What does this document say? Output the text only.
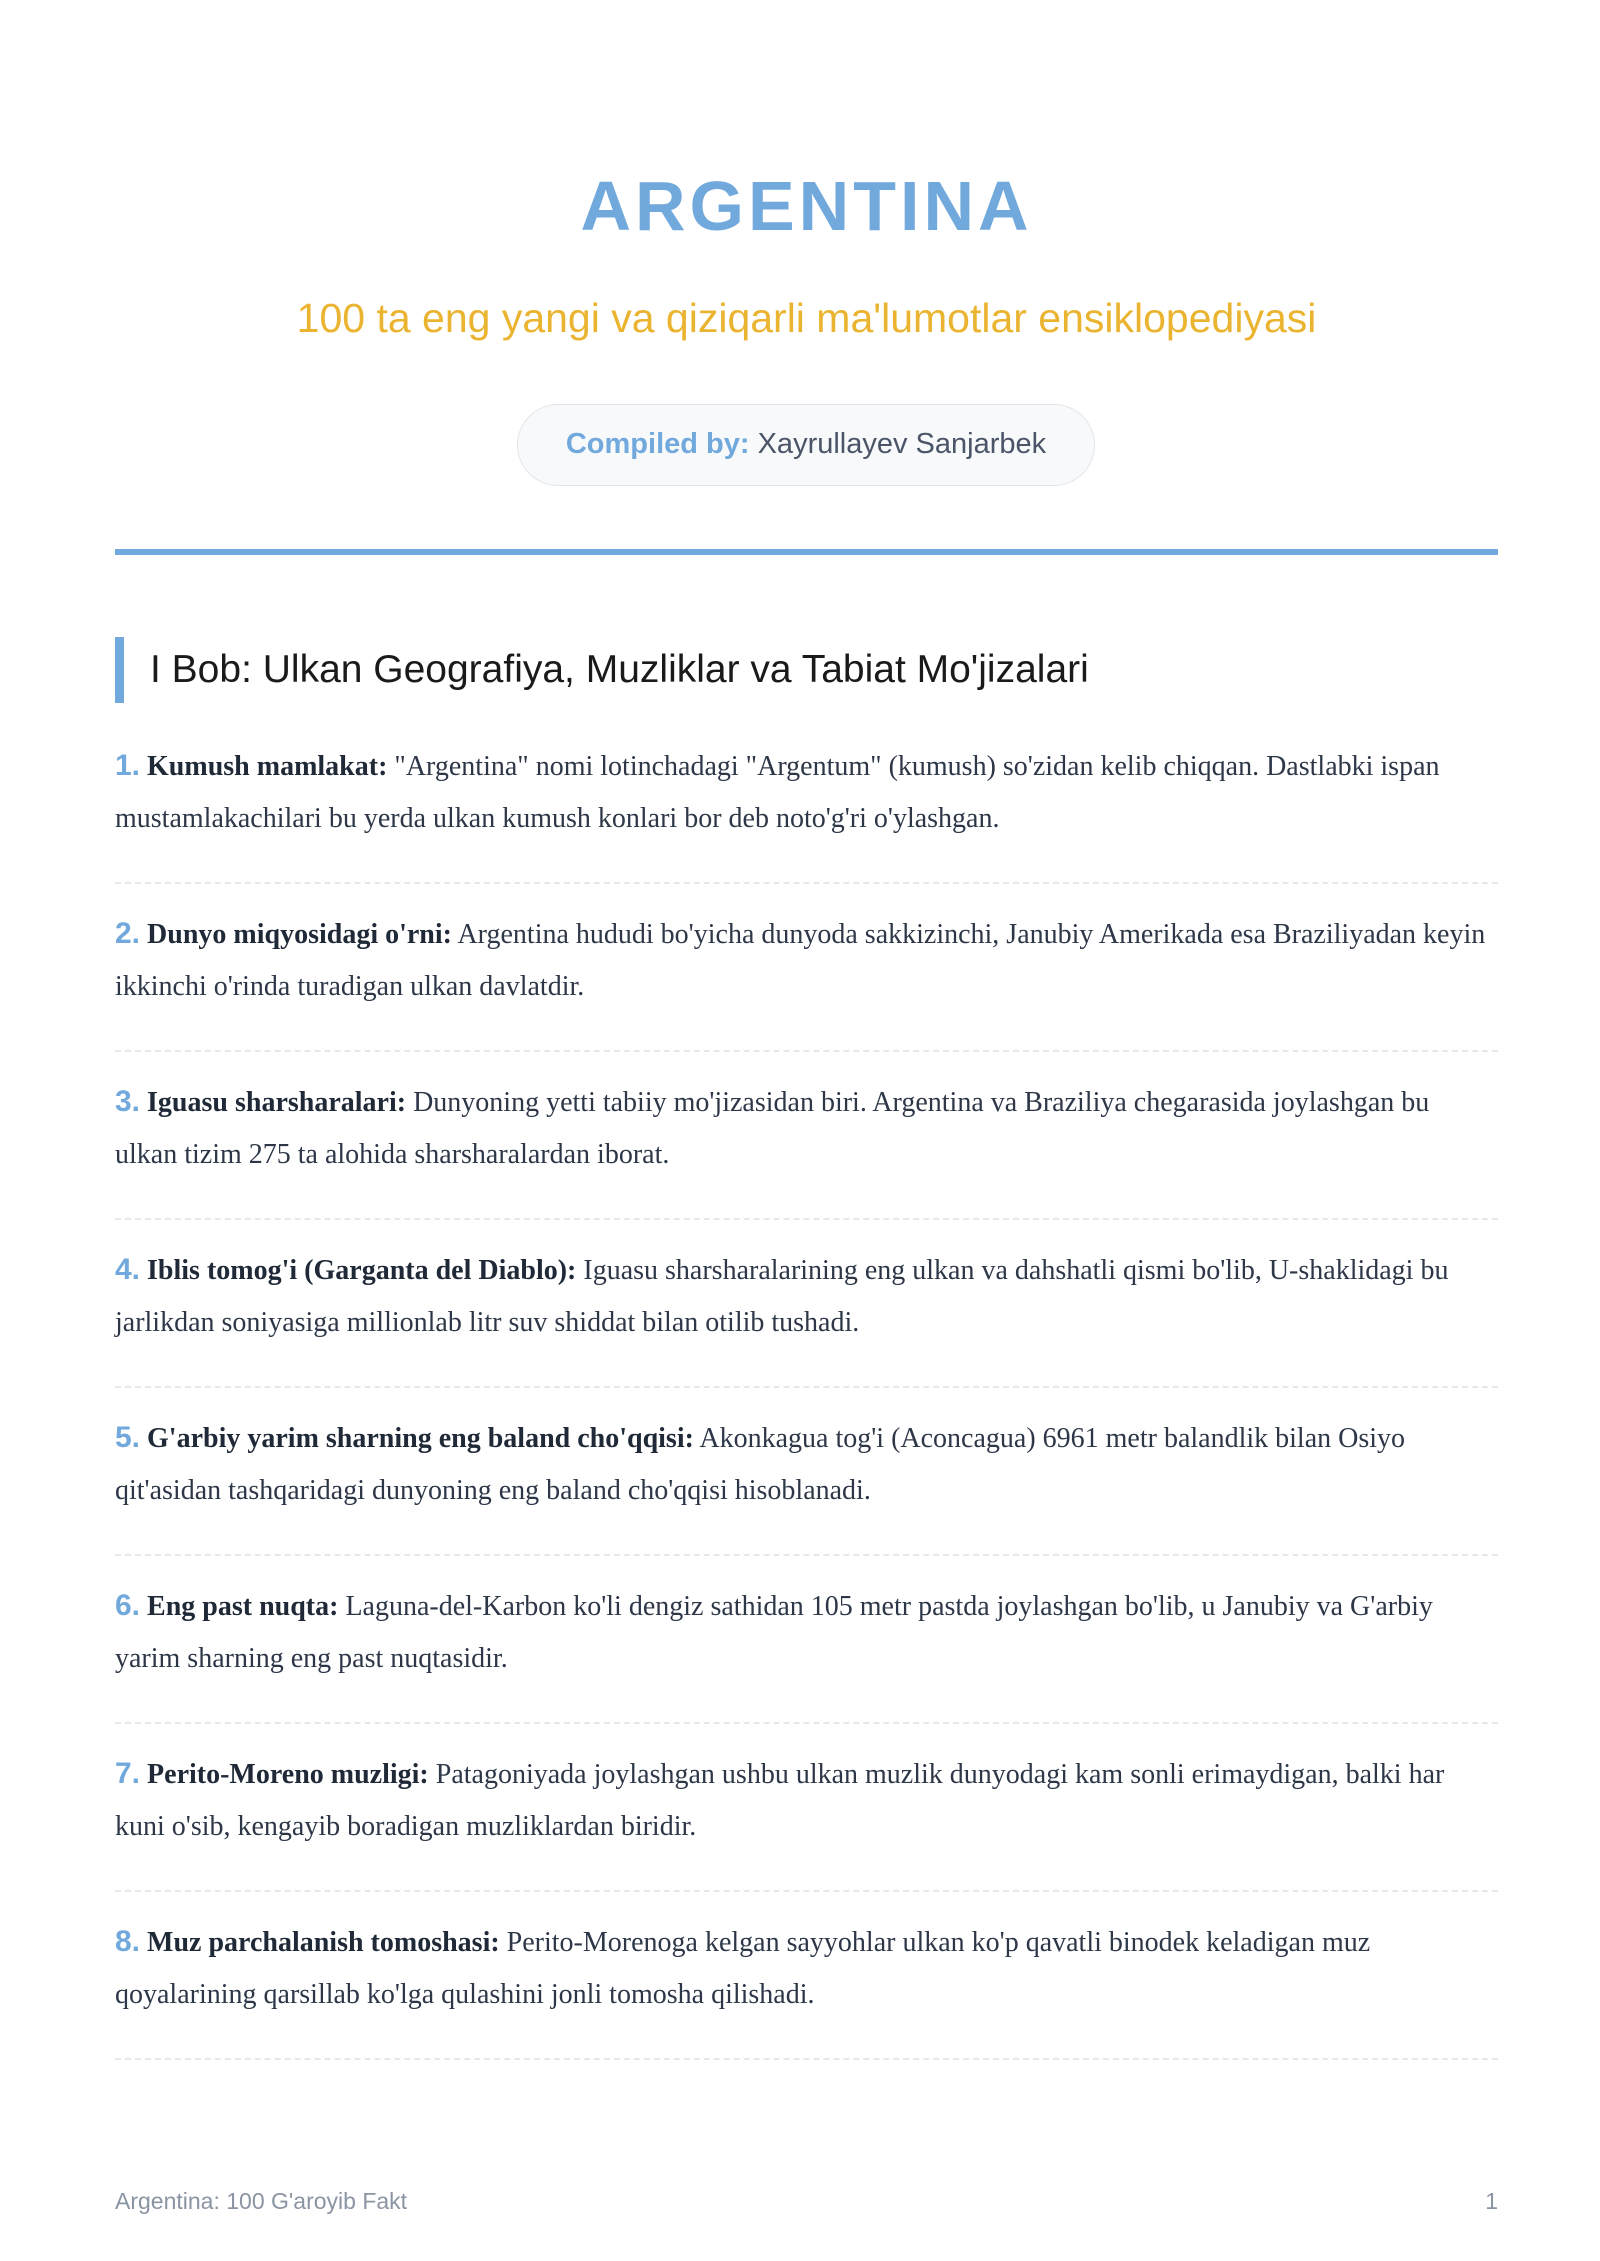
ARGENTINA

100 ta eng yangi va qiziqarli ma'lumotlar ensiklopediyasi

Compiled by: Xayrullayev Sanjarbek
I Bob: Ulkan Geografiya, Muzliklar va Tabiat Mo'jizalari
1. Kumush mamlakat: "Argentina" nomi lotinchadagi "Argentum" (kumush) so'zidan kelib chiqqan. Dastlabki ispan mustamlakachilari bu yerda ulkan kumush konlari bor deb noto'g'ri o'ylashgan.
2. Dunyo miqyosidagi o'rni: Argentina hududi bo'yicha dunyoda sakkizinchi, Janubiy Amerikada esa Braziliyadan keyin ikkinchi o'rinda turadigan ulkan davlatdir.
3. Iguasu sharsharalari: Dunyoning yetti tabiiy mo'jizasidan biri. Argentina va Braziliya chegarasida joylashgan bu ulkan tizim 275 ta alohida sharsharalardan iborat.
4. Iblis tomog'i (Garganta del Diablo): Iguasu sharsharalarining eng ulkan va dahshatli qismi bo'lib, U-shaklidagi bu jarlikdan soniyasiga millionlab litr suv shiddat bilan otilib tushadi.
5. G'arbiy yarim sharning eng baland cho'qqisi: Akonkagua tog'i (Aconcagua) 6961 metr balandlik bilan Osiyo qit'asidan tashqaridagi dunyoning eng baland cho'qqisi hisoblanadi.
6. Eng past nuqta: Laguna-del-Karbon ko'li dengiz sathidan 105 metr pastda joylashgan bo'lib, u Janubiy va G'arbiy yarim sharning eng past nuqtasidir.
7. Perito-Moreno muzligi: Patagoniyada joylashgan ushbu ulkan muzlik dunyodagi kam sonli erimaydigan, balki har kuni o'sib, kengayib boradigan muzliklardan biridir.
8. Muz parchalanish tomoshasi: Perito-Morenoga kelgan sayyohlar ulkan ko'p qavatli binodek keladigan muz qoyalarining qarsillab ko'lga qulashini jonli tomosha qilishadi.
Argentina: 100 G'aroyib Fakt	1
